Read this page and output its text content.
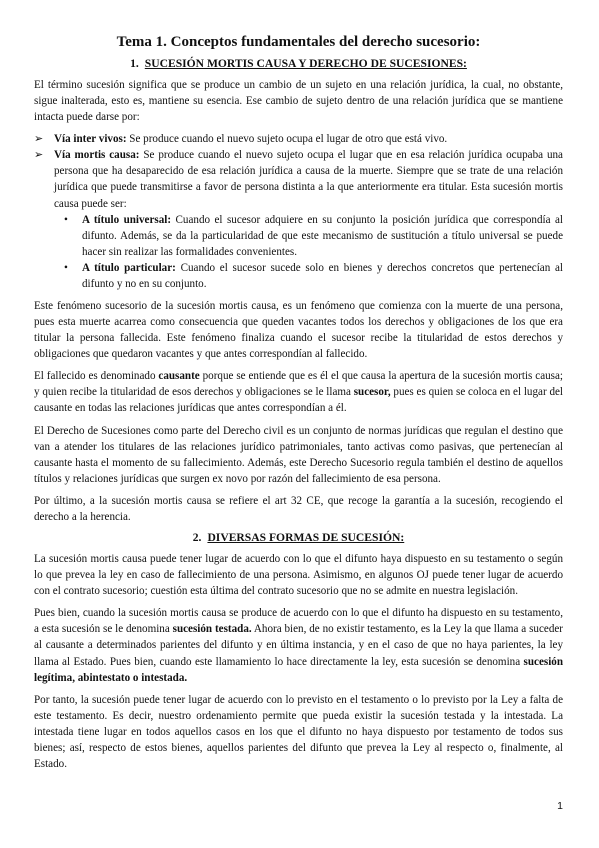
Tema 1. Conceptos fundamentales del derecho sucesorio:
1. SUCESIÓN MORTIS CAUSA Y DERECHO DE SUCESIONES:

El término sucesión significa que se produce un cambio de un sujeto en una relación jurídica, la cual, no obstante, sigue inalterada, esto es, mantiene su esencia. Ese cambio de sujeto dentro de una relación jurídica que se mantiene intacta puede darse por:

➢ Vía inter vivos: Se produce cuando el nuevo sujeto ocupa el lugar de otro que está vivo.
➢ Vía mortis causa: Se produce cuando el nuevo sujeto ocupa el lugar que en esa relación jurídica ocupaba una persona que ha desaparecido de esa relación jurídica a causa de la muerte. Siempre que se trate de una relación jurídica que puede transmitirse a favor de persona distinta a la que anteriormente era titular. Esta sucesión mortis causa puede ser:
• A título universal: Cuando el sucesor adquiere en su conjunto la posición jurídica que correspondía al difunto. Además, se da la particularidad de que este mecanismo de sustitución a título universal se puede hacer sin realizar las formalidades convenientes.
• A título particular: Cuando el sucesor sucede solo en bienes y derechos concretos que pertenecían al difunto y no en su conjunto.

Este fenómeno sucesorio de la sucesión mortis causa, es un fenómeno que comienza con la muerte de una persona, pues esta muerte acarrea como consecuencia que queden vacantes todos los derechos y obligaciones de los que era titular la persona fallecida. Este fenómeno finaliza cuando el sucesor recibe la titularidad de estos derechos y obligaciones que quedaron vacantes y que antes correspondían al fallecido.

El fallecido es denominado causante porque se entiende que es él el que causa la apertura de la sucesión mortis causa; y quien recibe la titularidad de esos derechos y obligaciones se le llama sucesor, pues es quien se coloca en el lugar del causante en todas las relaciones jurídicas que antes correspondían a él.

El Derecho de Sucesiones como parte del Derecho civil es un conjunto de normas jurídicas que regulan el destino que van a atender los titulares de las relaciones jurídico patrimoniales, tanto activas como pasivas, que pertenecían al causante hasta el momento de su fallecimiento. Además, este Derecho Sucesorio regula también el destino de aquellos títulos y relaciones jurídicas que surgen ex novo por razón del fallecimiento de esa persona.

Por último, a la sucesión mortis causa se refiere el art 32 CE, que recoge la garantía a la sucesión, recogiendo el derecho a la herencia.

2. DIVERSAS FORMAS DE SUCESIÓN:

La sucesión mortis causa puede tener lugar de acuerdo con lo que el difunto haya dispuesto en su testamento o según lo que prevea la ley en caso de fallecimiento de una persona. Asimismo, en algunos OJ puede tener lugar de acuerdo con el contrato sucesorio; cuestión esta última del contrato sucesorio que no se admite en nuestra legislación.

Pues bien, cuando la sucesión mortis causa se produce de acuerdo con lo que el difunto ha dispuesto en su testamento, a esta sucesión se le denomina sucesión testada. Ahora bien, de no existir testamento, es la Ley la que llama a suceder al causante a determinados parientes del difunto y en última instancia, y en el caso de que no haya parientes, la ley llama al Estado. Pues bien, cuando este llamamiento lo hace directamente la ley, esta sucesión se denomina sucesión legítima, abintestato o intestada.

Por tanto, la sucesión puede tener lugar de acuerdo con lo previsto en el testamento o lo previsto por la Ley a falta de este testamento. Es decir, nuestro ordenamiento permite que pueda existir la sucesión testada y la intestada. La intestada tiene lugar en todos aquellos casos en los que el difunto no haya dispuesto por testamento de todos sus bienes; así, respecto de estos bienes, aquellos parientes del difunto que prevea la Ley al respecto o, finalmente, al Estado.

1
